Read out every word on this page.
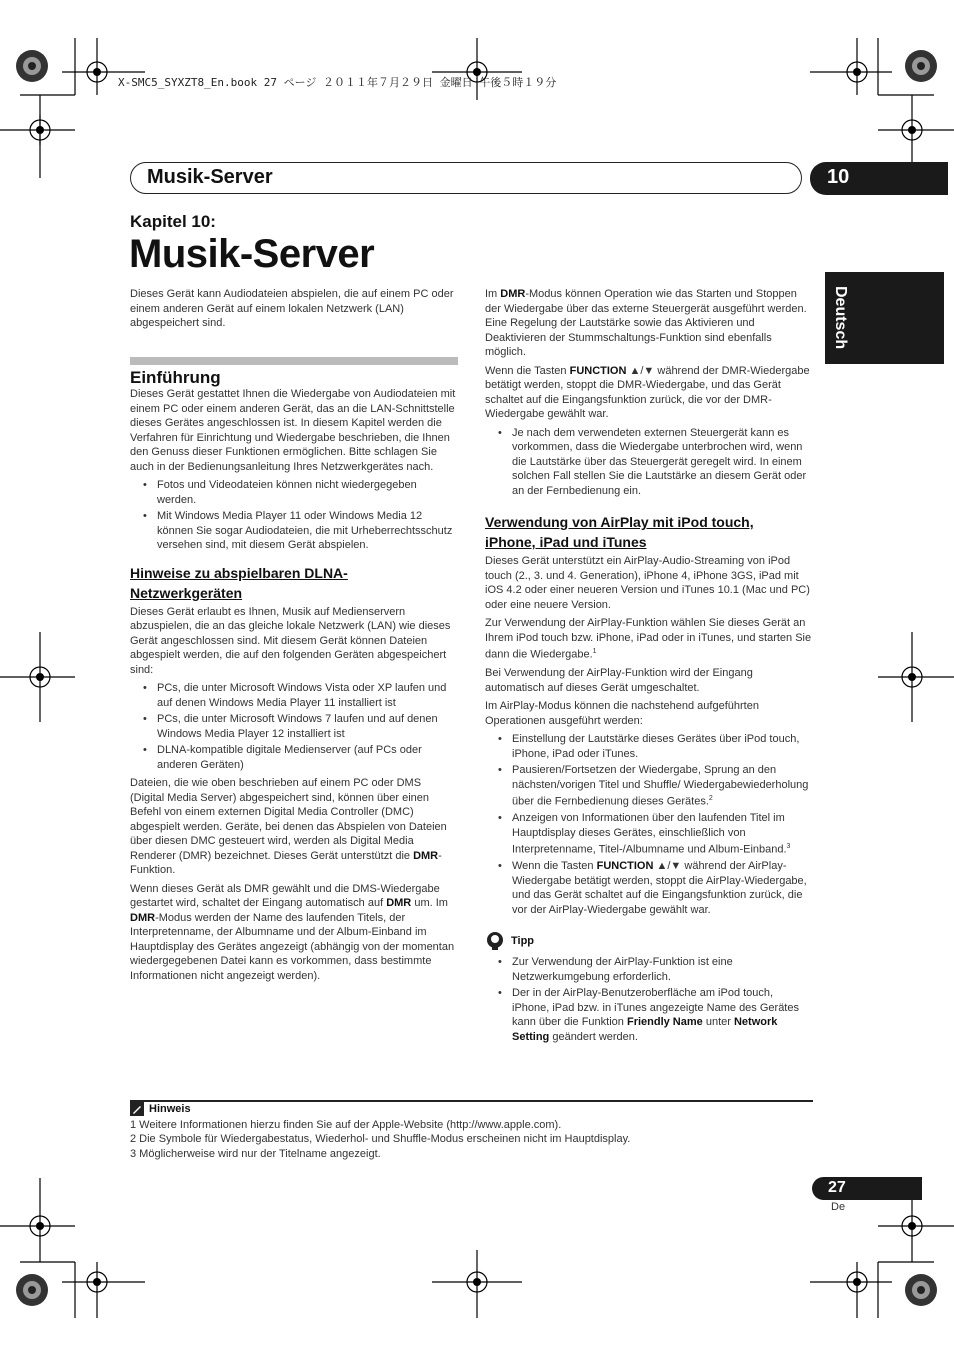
X-SMC5_SYXZT8_En.book 27 ページ ２０１１年７月２９日 金曜日 午後５時１９分
Musik-Server	10
Deutsch
Kapitel 10:
Musik-Server

Dieses Gerät kann Audiodateien abspielen, die auf einem PC oder einem anderen Gerät auf einem lokalen Netzwerk (LAN) abgespeichert sind.

Einführung

Dieses Gerät gestattet Ihnen die Wiedergabe von Audiodateien mit einem PC oder einem anderen Gerät, das an die LAN-Schnittstelle dieses Gerätes angeschlossen ist. In diesem Kapitel werden die Verfahren für Einrichtung und Wiedergabe beschrieben, die Ihnen den Genuss dieser Funktionen ermöglichen. Bitte schlagen Sie auch in der Bedienungsanleitung Ihres Netzwerkgerätes nach.

• Fotos und Videodateien können nicht wiedergegeben werden.
• Mit Windows Media Player 11 oder Windows Media 12 können Sie sogar Audiodateien, die mit Urheberrechtsschutz versehen sind, mit diesem Gerät abspielen.
Hinweise zu abspielbaren DLNA-
Netzwerkgeräten

Dieses Gerät erlaubt es Ihnen, Musik auf Medienservern abzuspielen, die an das gleiche lokale Netzwerk (LAN) wie dieses Gerät angeschlossen sind. Mit diesem Gerät können Dateien abgespielt werden, die auf den folgenden Geräten abgespeichert sind:

• PCs, die unter Microsoft Windows Vista oder XP laufen und auf denen Windows Media Player 11 installiert ist
• PCs, die unter Microsoft Windows 7 laufen und auf denen Windows Media Player 12 installiert ist
• DLNA-kompatible digitale Medienserver (auf PCs oder anderen Geräten)

Dateien, die wie oben beschrieben auf einem PC oder DMS (Digital Media Server) abgespeichert sind, können über einen Befehl von einem externen Digital Media Controller (DMC) abgespielt werden. Geräte, bei denen das Abspielen von Dateien über diesen DMC gesteuert wird, werden als Digital Media Renderer (DMR) bezeichnet. Dieses Gerät unterstützt die DMR-Funktion.

Wenn dieses Gerät als DMR gewählt und die DMS-Wiedergabe gestartet wird, schaltet der Eingang automatisch auf DMR um. Im DMR-Modus werden der Name des laufenden Titels, der Interpretenname, der Albumname und der Album-Einband im Hauptdisplay des Gerätes angezeigt (abhängig von der momentan wiedergegebenen Datei kann es vorkommen, dass bestimmte Informationen nicht angezeigt werden).

Im DMR-Modus können Operation wie das Starten und Stoppen der Wiedergabe über das externe Steuergerät ausgeführt werden. Eine Regelung der Lautstärke sowie das Aktivieren und Deaktivieren der Stummschaltungs-Funktion sind ebenfalls möglich.

Wenn die Tasten FUNCTION ▲/▼ während der DMR-Wiedergabe betätigt werden, stoppt die DMR-Wiedergabe, und das Gerät schaltet auf die Eingangsfunktion zurück, die vor der DMR-Wiedergabe gewählt war.

• Je nach dem verwendeten externen Steuergerät kann es vorkommen, dass die Wiedergabe unterbrochen wird, wenn die Lautstärke über das Steuergerät geregelt wird. In einem solchen Fall stellen Sie die Lautstärke an diesem Gerät oder an der Fernbedienung ein.
Verwendung von AirPlay mit iPod touch,
iPhone, iPad und iTunes

Dieses Gerät unterstützt ein AirPlay-Audio-Streaming von iPod touch (2., 3. und 4. Generation), iPhone 4, iPhone 3GS, iPad mit iOS 4.2 oder einer neueren Version und iTunes 10.1 (Mac und PC) oder eine neuere Version.

Zur Verwendung der AirPlay-Funktion wählen Sie dieses Gerät an Ihrem iPod touch bzw. iPhone, iPad oder in iTunes, und starten Sie dann die Wiedergabe.$^1$

Bei Verwendung der AirPlay-Funktion wird der Eingang automatisch auf dieses Gerät umgeschaltet.

Im AirPlay-Modus können die nachstehend aufgeführten Operationen ausgeführt werden:

• Einstellung der Lautstärke dieses Gerätes über iPod touch, iPhone, iPad oder iTunes.
• Pausieren/Fortsetzen der Wiedergabe, Sprung an den nächsten/vorigen Titel und Shuffle/ Wiedergabewiederholung über die Fernbedienung dieses Gerätes.$^2$
• Anzeigen von Informationen über den laufenden Titel im Hauptdisplay dieses Gerätes, einschließlich von Interpretenname, Titel-/Albumname und Album-Einband.$^3$
• Wenn die Tasten FUNCTION ▲/▼ während der AirPlay-Wiedergabe betätigt werden, stoppt die AirPlay-Wiedergabe, und das Gerät schaltet auf die Eingangsfunktion zurück, die vor der AirPlay-Wiedergabe gewählt war.
Tipp
• Zur Verwendung der AirPlay-Funktion ist eine Netzwerkumgebung erforderlich.
• Der in der AirPlay-Benutzeroberfläche am iPod touch, iPhone, iPad bzw. in iTunes angezeigte Name des Gerätes kann über die Funktion Friendly Name unter Network Setting geändert werden.
Hinweis
1 Weitere Informationen hierzu finden Sie auf der Apple-Website (http://www.apple.com).
2 Die Symbole für Wiedergabestatus, Wiederhol- und Shuffle-Modus erscheinen nicht im Hauptdisplay.
3 Möglicherweise wird nur der Titelname angezeigt.
27
De
